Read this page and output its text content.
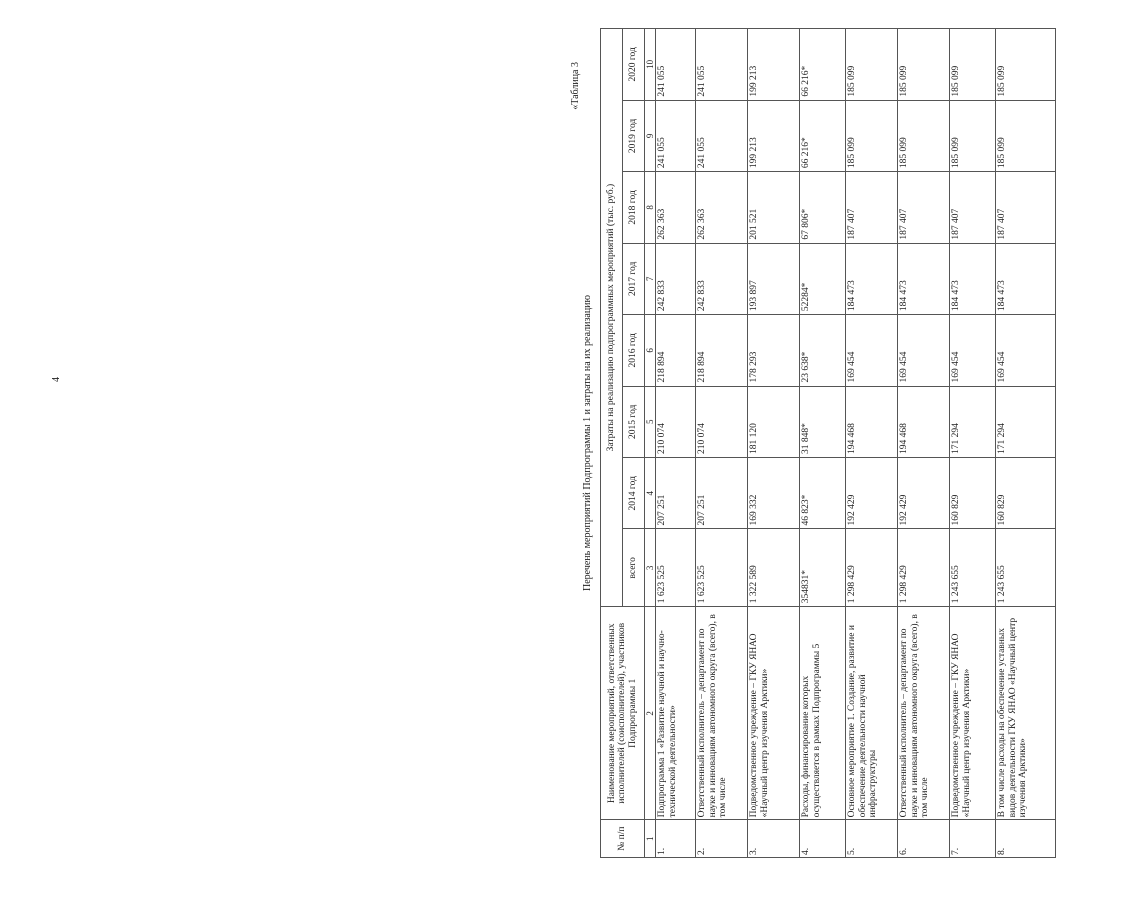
4
«Таблица 3
Перечень мероприятий Подпрограммы 1 и затраты на их реализацию
№ п/п	Наименование мероприятий, ответственных исполнителей (соисполнителей), участников Подпрограммы 1	Затраты на реализацию подпрограммных мероприятий (тыс. руб.)							
		всего	2014 год	2015 год	2016 год	2017 год	2018 год	2019 год	2020 год
1	2	3	4	5	6	7	8	9	10
1.	Подпрограмма 1 «Развитие научной и научно-технической деятельности»	1 623 525	207 251	210 074	218 894	242 833	262 363	241 055	241 055
2.	Ответственный исполнитель – департамент по науке и инновациям автономного округа (всего), в том числе	1 623 525	207 251	210 074	218 894	242 833	262 363	241 055	241 055
3.	Подведомственное учреждение – ГКУ ЯНАО «Научный центр изучения Арктики»	1 322 589	169 332	181 120	178 293	193 897	201 521	199 213	199 213
4.	Расходы, финансирование которых осуществляется в рамках Подпрограммы 5	354831*	46 823*	31 848*	23 638*	52284*	67 806*	66 216*	66 216*
5.	Основное мероприятие 1. Создание, развитие и обеспечение деятельности научной инфраструктуры	1 298 429	192 429	194 468	169 454	184 473	187 407	185 099	185 099
6.	Ответственный исполнитель – департамент по науке и инновациям автономного округа (всего), в том числе	1 298 429	192 429	194 468	169 454	184 473	187 407	185 099	185 099
7.	Подведомственное учреждение – ГКУ ЯНАО «Научный центр изучения Арктики»	1 243 655	160 829	171 294	169 454	184 473	187 407	185 099	185 099
8.	В том числе расходы на обеспечение уставных видов деятельности ГКУ ЯНАО «Научный центр изучения Арктики»	1 243 655	160 829	171 294	169 454	184 473	187 407	185 099	185 099
